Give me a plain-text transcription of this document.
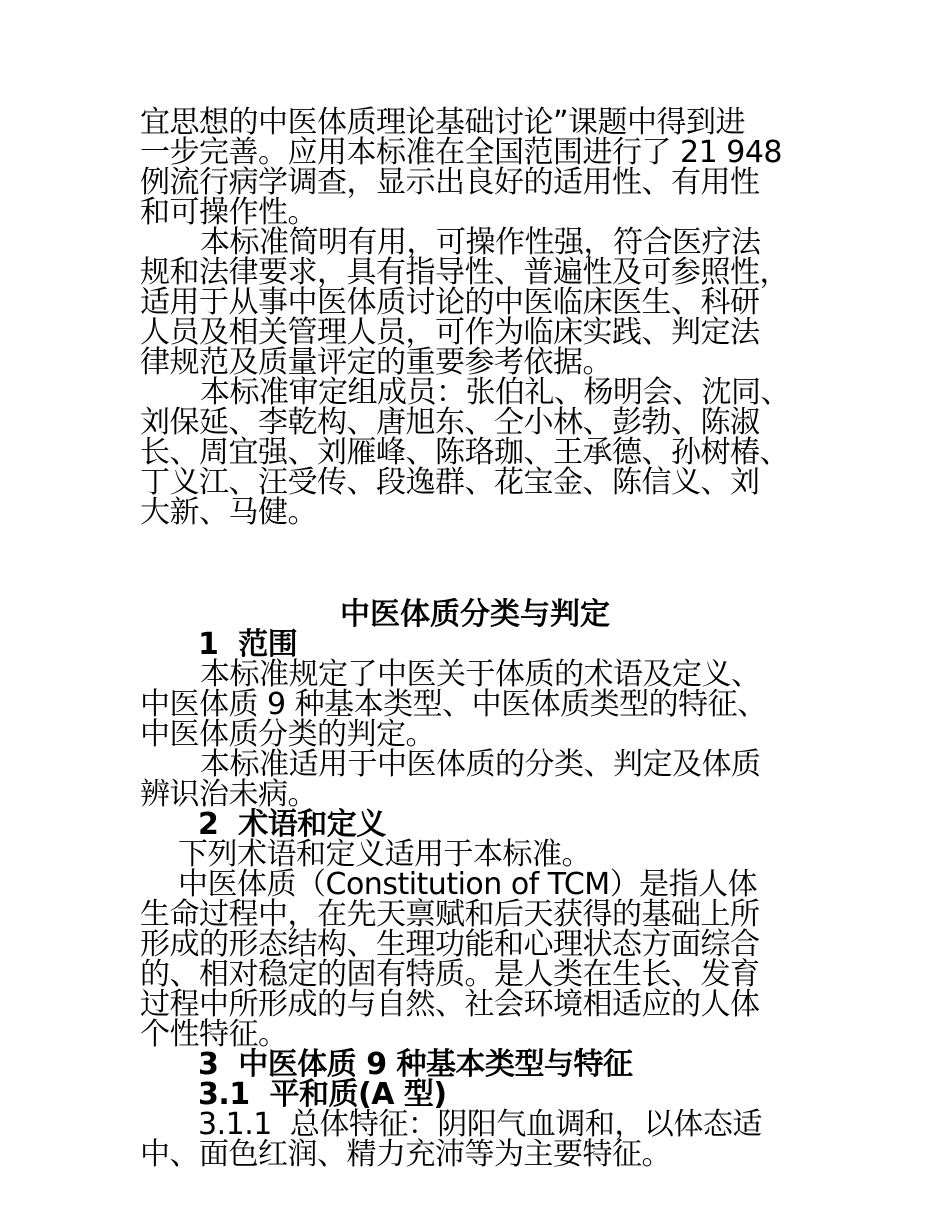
宜思想的中医体质理论基础讨论”课题中得到进
一步完善。应用本标准在全国范围进行了 21 948
例流行病学调查，显示出良好的适用性、有用性
和可操作性。
本标准简明有用，可操作性强，符合医疗法
规和法律要求，具有指导性、普遍性及可参照性，
适用于从事中医体质讨论的中医临床医生、科研
人员及相关管理人员，可作为临床实践、判定法
律规范及质量评定的重要参考依据。
本标准审定组成员：张伯礼、杨明会、沈同、
刘保延、李乾构、唐旭东、仝小林、彭勃、陈淑
长、周宜强、刘雁峰、陈珞珈、王承德、孙树椿、
丁义江、汪受传、段逸群、花宝金、陈信义、刘
大新、马健。
中医体质分类与判定
1  范围
本标准规定了中医关于体质的术语及定义、
中医体质 9 种基本类型、中医体质类型的特征、
中医体质分类的判定。
本标准适用于中医体质的分类、判定及体质
辨识治未病。
2  术语和定义
下列术语和定义适用于本标准。
中医体质（Constitution of TCM）是指人体
生命过程中，在先天禀赋和后天获得的基础上所
形成的形态结构、生理功能和心理状态方面综合
的、相对稳定的固有特质。是人类在生长、发育
过程中所形成的与自然、社会环境相适应的人体
个性特征。
3  中医体质 9 种基本类型与特征
3.1  平和质(A 型)
3.1.1  总体特征：阴阳气血调和，以体态适
中、面色红润、精力充沛等为主要特征。
